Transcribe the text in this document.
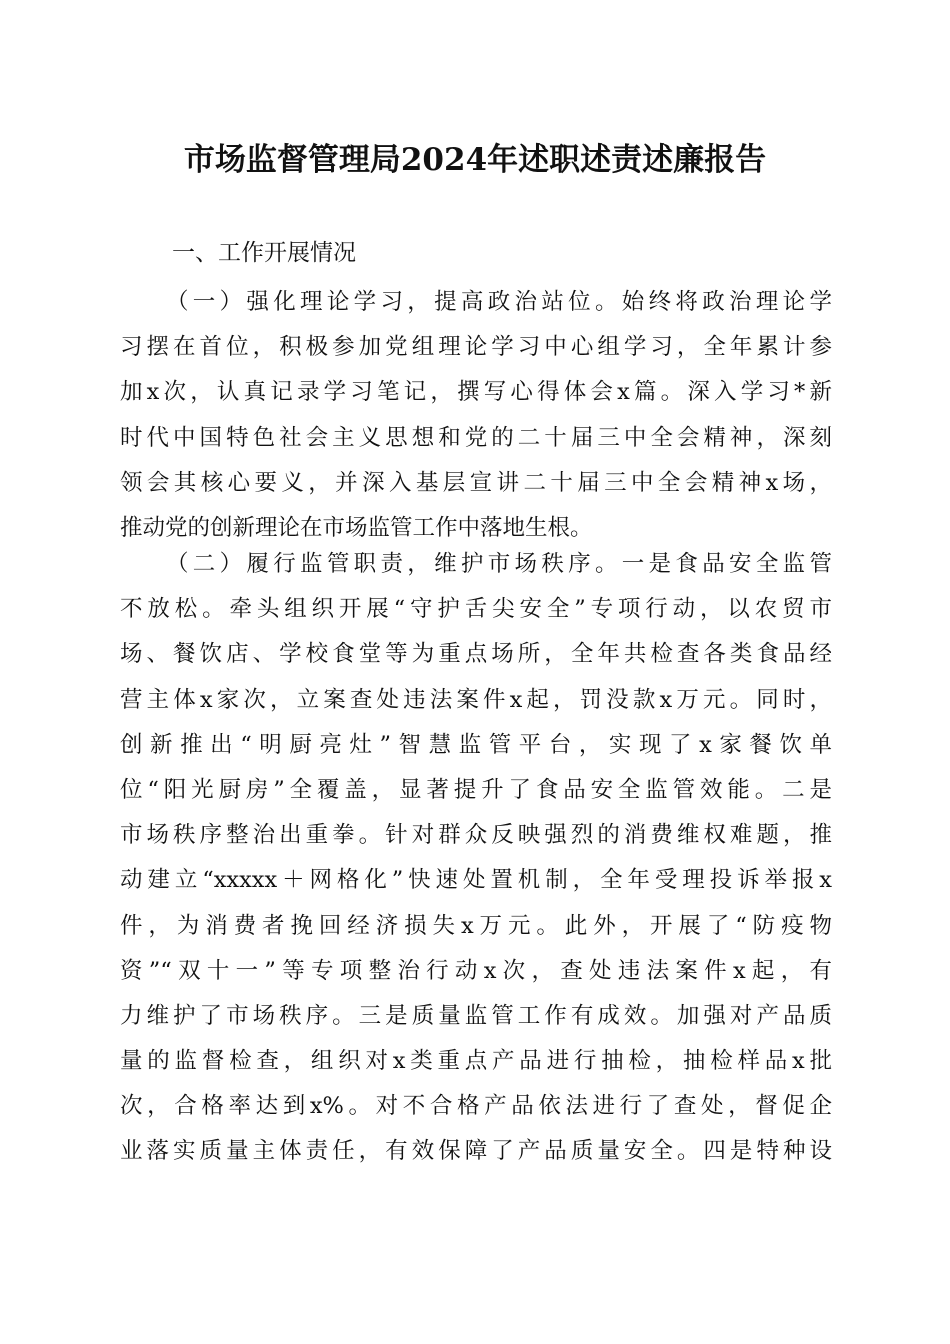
市场监督管理局2024年述职述责述廉报告
一、工作开展情况
（一）强化理论学习，提高政治站位。始终将政治理论学
习摆在首位，积极参加党组理论学习中心组学习，全年累计参
加x次，认真记录学习笔记，撰写心得体会x篇。深入学习*新
时代中国特色社会主义思想和党的二十届三中全会精神，深刻
领会其核心要义，并深入基层宣讲二十届三中全会精神x场，
推动党的创新理论在市场监管工作中落地生根。
（二）履行监管职责，维护市场秩序。一是食品安全监管
不放松。牵头组织开展“守护舌尖安全”专项行动，以农贸市
场、餐饮店、学校食堂等为重点场所，全年共检查各类食品经
营主体x家次，立案查处违法案件x起，罚没款x万元。同时，
创新推出“明厨亮灶”智慧监管平台，实现了x家餐饮单
位“阳光厨房”全覆盖，显著提升了食品安全监管效能。二是
市场秩序整治出重拳。针对群众反映强烈的消费维权难题，推
动建立“xxxxx＋网格化”快速处置机制，全年受理投诉举报x
件，为消费者挽回经济损失x万元。此外，开展了“防疫物
资”“双十一”等专项整治行动x次，查处违法案件x起，有
力维护了市场秩序。三是质量监管工作有成效。加强对产品质
量的监督检查，组织对x类重点产品进行抽检，抽检样品x批
次，合格率达到x%。对不合格产品依法进行了查处，督促企
业落实质量主体责任，有效保障了产品质量安全。四是特种设
